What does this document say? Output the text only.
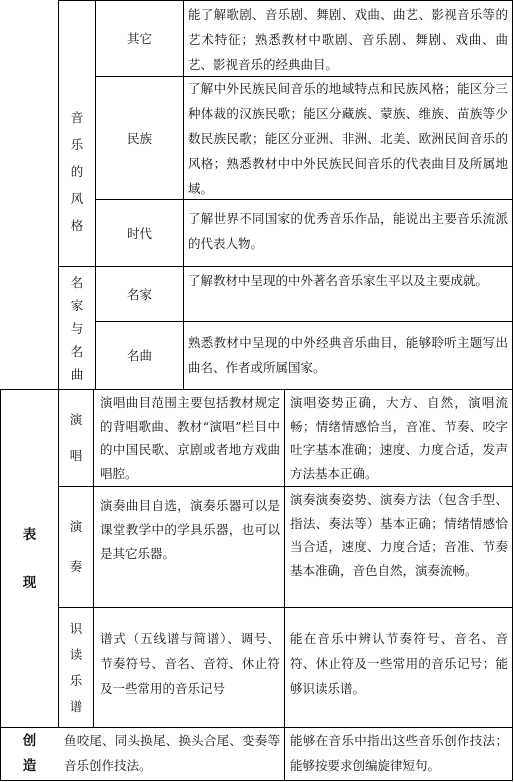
其它
能了解歌剧、音乐剧、舞剧、戏曲、曲艺、影视音乐等的艺术特征；熟悉教材中歌剧、音乐剧、舞剧、戏曲、曲艺、影视音乐的经典曲目。
音
乐
的
风
格
民族
了解中外民族民间音乐的地域特点和民族风格；能区分三种体裁的汉族民歌；能区分藏族、蒙族、维族、苗族等少数民族民歌；能区分亚洲、非洲、北美、欧洲民间音乐的风格；熟悉教材中中外民族民间音乐的代表曲目及所属地域。
时代
了解世界不同国家的优秀音乐作品，能说出主要音乐流派的代表人物。
名
家
与
名
曲
名家
了解教材中呈现的中外著名音乐家生平以及主要成就。
名曲
熟悉教材中呈现的中外经典音乐曲目，能够聆听主题写出曲名、作者或所属国家。
表
现
演
唱
演唱曲目范围主要包括教材规定的背唱歌曲、教材“演唱”栏目中的中国民歌、京剧或者地方戏曲唱腔。
演唱姿势正确，大方、自然，演唱流畅；情绪情感恰当，音准、节奏、咬字吐字基本准确；速度、力度合适，发声方法基本正确。
演
奏
演奏曲目自选，演奏乐器可以是课堂教学中的学具乐器，也可以是其它乐器。
演奏演奏姿势、演奏方法（包含手型、指法、奏法等）基本正确；情绪情感恰当合适，速度、力度合适；音准、节奏基本准确，音色自然，演奏流畅。
识
读
乐
谱
谱式（五线谱与简谱）、调号、节奏符号、音名、音符、休止符及一些常用的音乐记号
能在音乐中辨认节奏符号、音名、音符、休止符及一些常用的音乐记号；能够识读乐谱。
创
造
鱼咬尾、同头换尾、换头合尾、变奏等音乐创作技法。
能够在音乐中指出这些音乐创作技法；能够按要求创编旋律短句。
